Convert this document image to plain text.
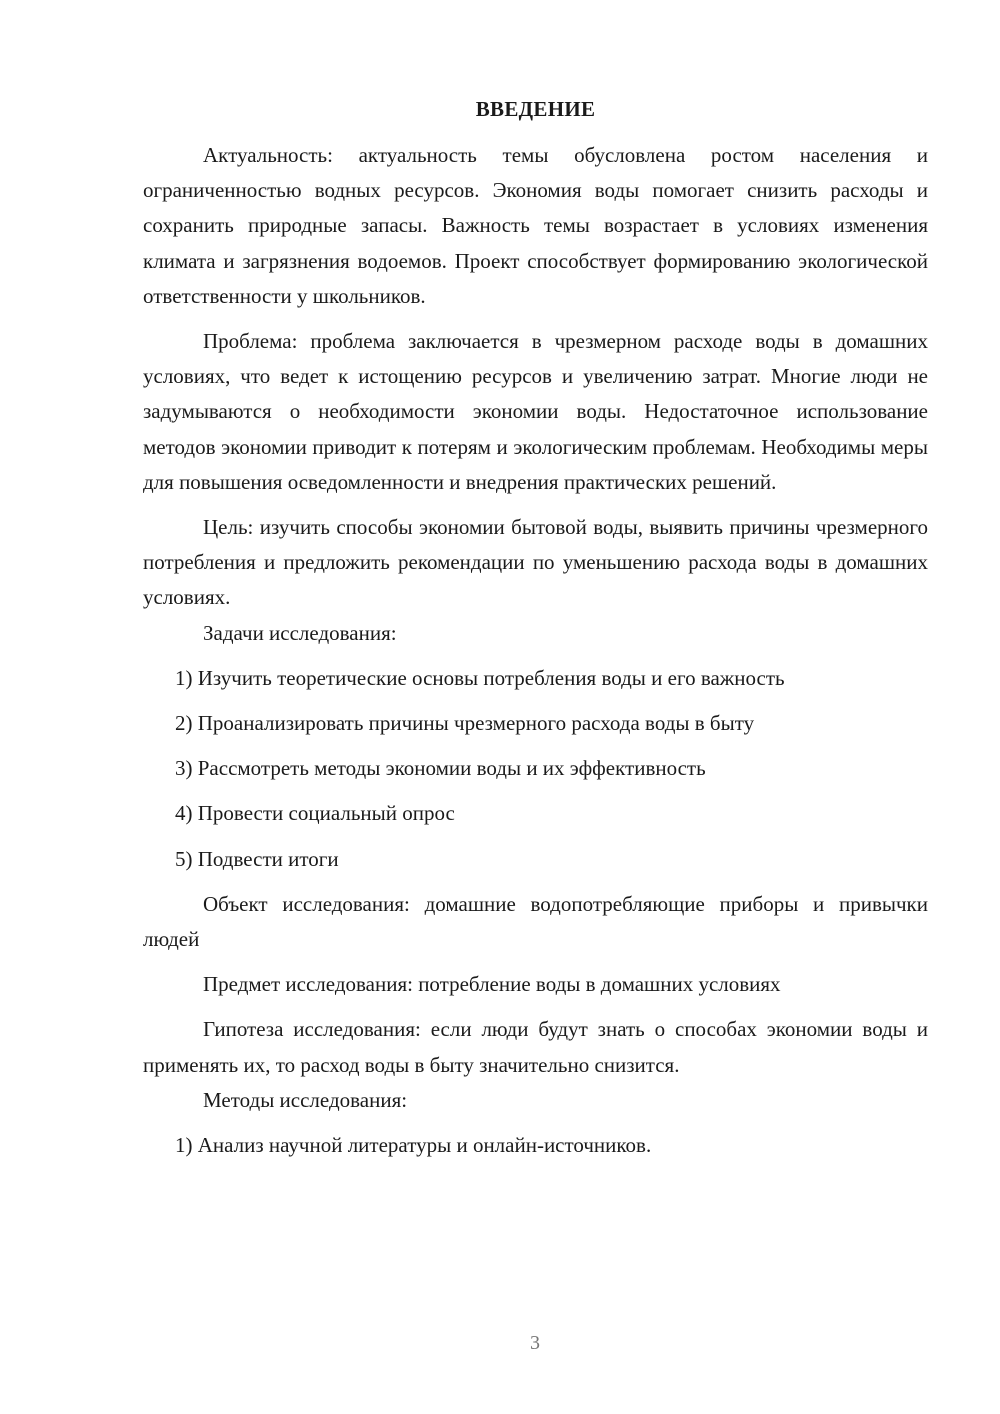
ВВЕДЕНИЕ

Актуальность: актуальность темы обусловлена ростом населения и ограниченностью водных ресурсов. Экономия воды помогает снизить расходы и сохранить природные запасы. Важность темы возрастает в условиях изменения климата и загрязнения водоемов. Проект способствует формированию экологической ответственности у школьников.

Проблема: проблема заключается в чрезмерном расходе воды в домашних условиях, что ведет к истощению ресурсов и увеличению затрат. Многие люди не задумываются о необходимости экономии воды. Недостаточное использование методов экономии приводит к потерям и экологическим проблемам. Необходимы меры для повышения осведомленности и внедрения практических решений.

Цель: изучить способы экономии бытовой воды, выявить причины чрезмерного потребления и предложить рекомендации по уменьшению расхода воды в домашних условиях.

Задачи исследования:

1) Изучить теоретические основы потребления воды и его важность

2) Проанализировать причины чрезмерного расхода воды в быту

3) Рассмотреть методы экономии воды и их эффективность

4) Провести социальный опрос

5) Подвести итоги

Объект исследования: домашние водопотребляющие приборы и привычки людей

Предмет исследования: потребление воды в домашних условиях

Гипотеза исследования: если люди будут знать о способах экономии воды и применять их, то расход воды в быту значительно снизится.

Методы исследования:

1) Анализ научной литературы и онлайн-источников.

3
